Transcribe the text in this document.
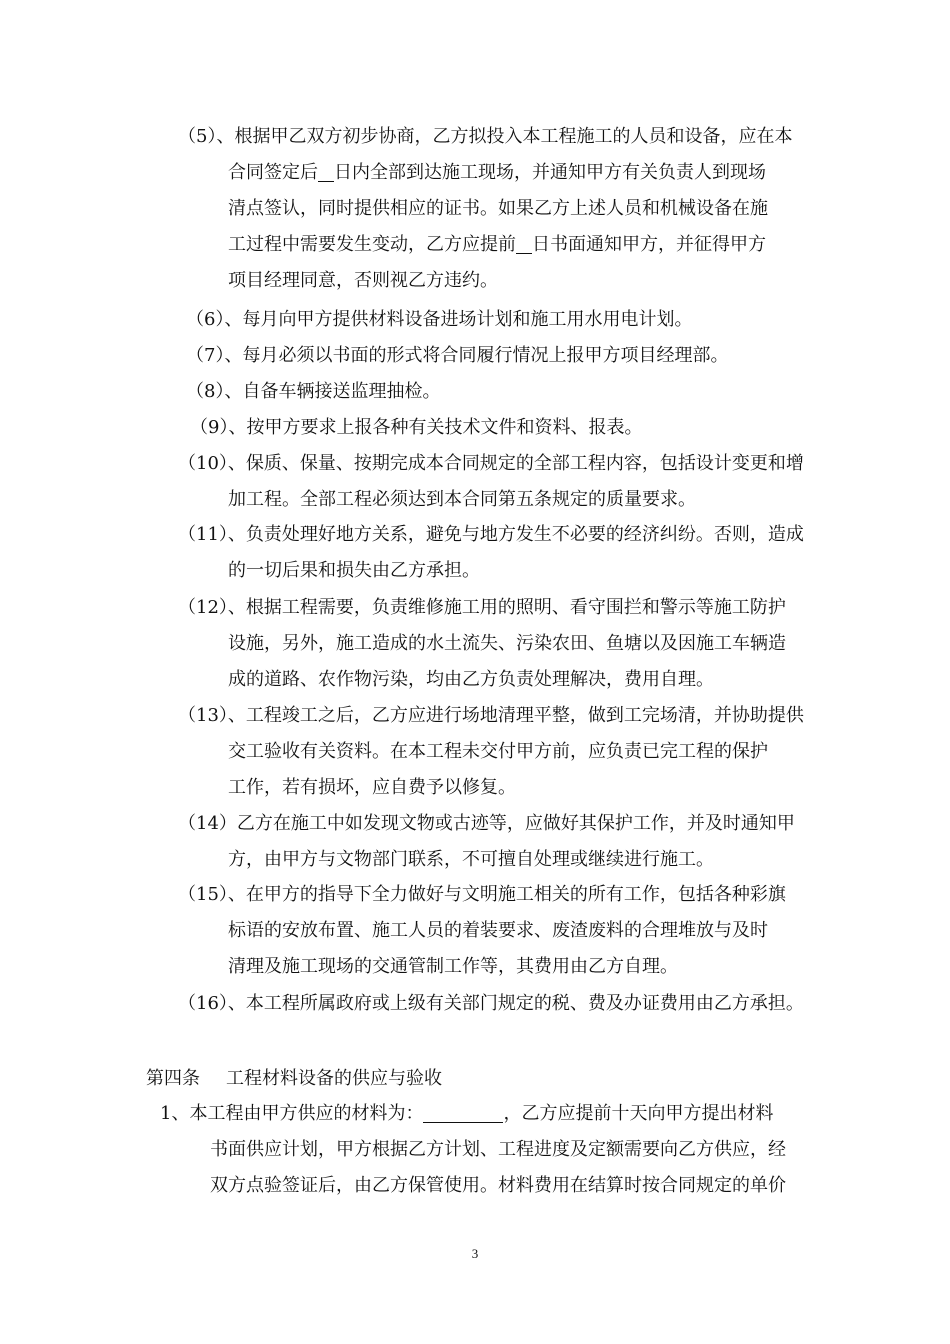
（5）、根据甲乙双方初步协商，乙方拟投入本工程施工的人员和设备，应在本
合同签定后 日内全部到达施工现场，并通知甲方有关负责人到现场
清点签认，同时提供相应的证书。如果乙方上述人员和机械设备在施
工过程中需要发生变动，乙方应提前 日书面通知甲方，并征得甲方
项目经理同意，否则视乙方违约。
（6）、每月向甲方提供材料设备进场计划和施工用水用电计划。
（7）、每月必须以书面的形式将合同履行情况上报甲方项目经理部。
（8）、自备车辆接送监理抽检。
（9）、按甲方要求上报各种有关技术文件和资料、报表。
（10）、保质、保量、按期完成本合同规定的全部工程内容，包括设计变更和增
加工程。全部工程必须达到本合同第五条规定的质量要求。
（11）、负责处理好地方关系，避免与地方发生不必要的经济纠纷。否则，造成
的一切后果和损失由乙方承担。
（12）、根据工程需要，负责维修施工用的照明、看守围拦和警示等施工防护
设施，另外，施工造成的水土流失、污染农田、鱼塘以及因施工车辆造
成的道路、农作物污染，均由乙方负责处理解决，费用自理。
（13）、工程竣工之后，乙方应进行场地清理平整，做到工完场清，并协助提供
交工验收有关资料。在本工程未交付甲方前，应负责已完工程的保护
工作，若有损坏，应自费予以修复。
（14）乙方在施工中如发现文物或古迹等，应做好其保护工作，并及时通知甲
方，由甲方与文物部门联系，不可擅自处理或继续进行施工。
（15）、在甲方的指导下全力做好与文明施工相关的所有工作，包括各种彩旗
标语的安放布置、施工人员的着装要求、废渣废料的合理堆放与及时
清理及施工现场的交通管制工作等，其费用由乙方自理。
（16）、本工程所属政府或上级有关部门规定的税、费及办证费用由乙方承担。
第四条 工程材料设备的供应与验收
1、本工程由甲方供应的材料为：	，乙方应提前十天向甲方提出材料
书面供应计划，甲方根据乙方计划、工程进度及定额需要向乙方供应，经
双方点验签证后，由乙方保管使用。材料费用在结算时按合同规定的单价
3
